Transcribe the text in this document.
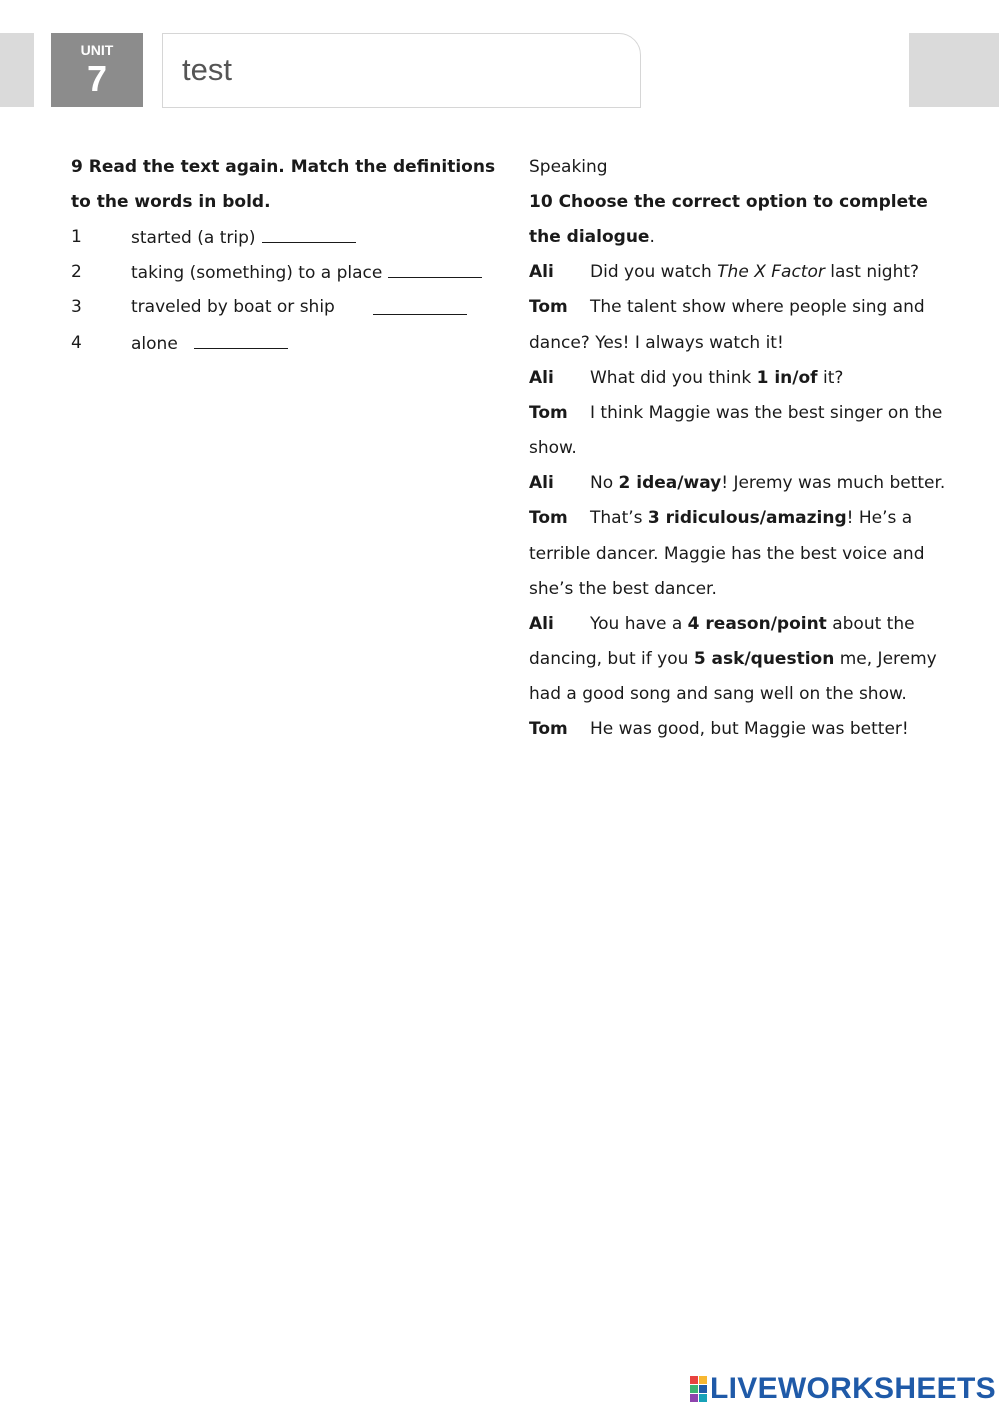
UNIT
7	test
9 Read the text again. Match the definitions
to the words in bold.
1	started (a trip)
2	taking (something) to a place
3	traveled by boat or ship
4	alone
Speaking
10 Choose the correct option to complete
the dialogue.
Ali Did you watch The X Factor last night?
Tom The talent show where people sing and
dance? Yes! I always watch it!
Ali What did you think 1 in/of it?
Tom I think Maggie was the best singer on the
show.
Ali No 2 idea/way! Jeremy was much better.
Tom That’s 3 ridiculous/amazing! He’s a
terrible dancer. Maggie has the best voice and
she’s the best dancer.
Ali You have a 4 reason/point about the
dancing, but if you 5 ask/question me, Jeremy
had a good song and sang well on the show.
Tom He was good, but Maggie was better!
LIVEWORKSHEETS
